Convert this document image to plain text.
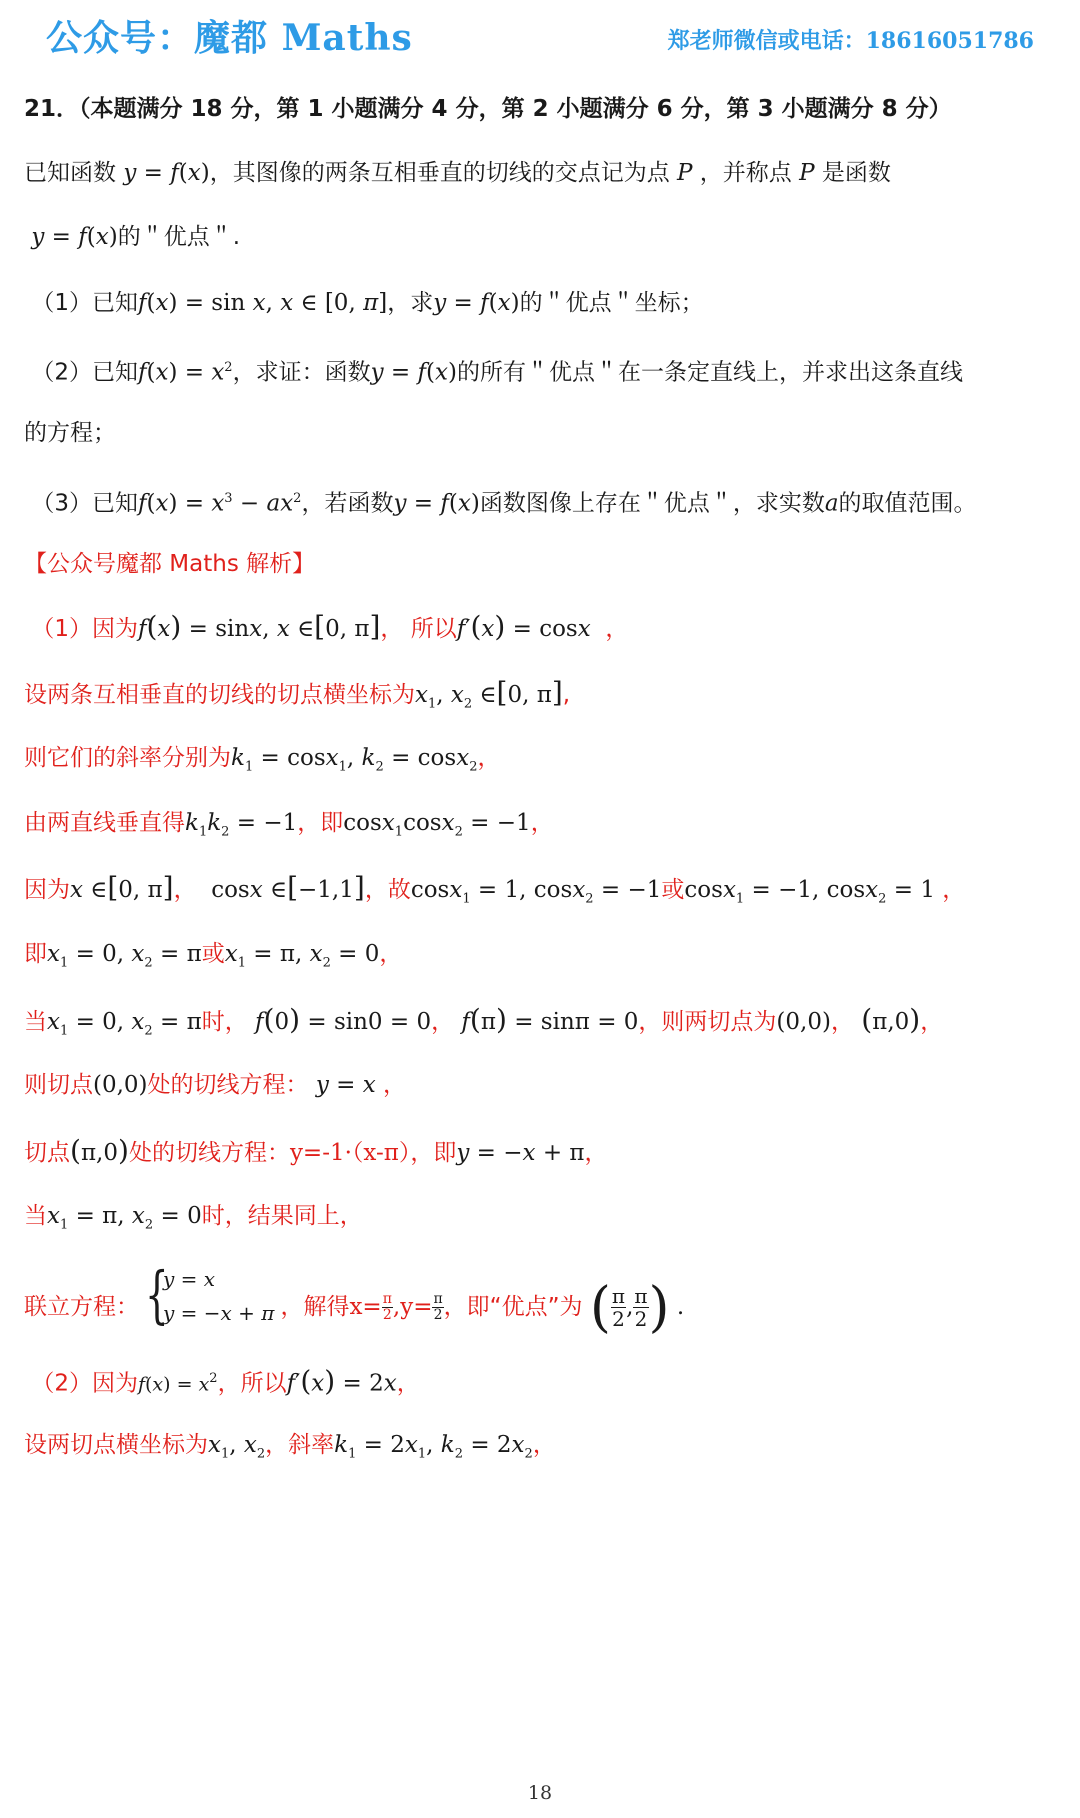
公众号：魔都 Maths	郑老师微信或电话：18616051786
21．（本题满分 18 分，第 1 小题满分 4 分，第 2 小题满分 6 分，第 3 小题满分 8 分）
已知函数 y = f(x)，其图像的两条互相垂直的切线的交点记为点 P ，并称点 P 是函数
y = f(x)的＂优点＂.
（1）已知f(x) = sin x, x ∈ [0, π]，求y = f(x)的＂优点＂坐标；
（2）已知$f(x) = x^2$，求证：函数y = f(x)的所有＂优点＂在一条定直线上，并求出这条直线
的方程；
（3）已知$f(x) = x^3 - ax^2$，若函数y = f(x)函数图像上存在＂优点＂，求实数a的取值范围。
【公众号魔都 Maths 解析】
（1）因为f(x) = sinx, x ∈[0, π]， 所以f′(x) = cosx ，
设两条互相垂直的切线的切点横坐标为$x_1$, $x_2$ ∈[0, π],
则它们的斜率分别为$k_1 = \cos x_1$, $k_2 = \cos x_2$，
由两直线垂直得$k_1k_2 = -1$，即cosx$_1$cosx$_2$ = −1，
因为x ∈[0, π]，  cosx ∈[−1,1]，故cosx$_1$ = 1, cosx$_2$ = −1或cosx$_1$ = −1, cosx$_2$ = 1 ，
即$x_1 = 0$, $x_2 = \pi$或$x_1 = \pi$, $x_2 = 0$，
当$x_1 = 0$, $x_2 = \pi$时， f(0) = sin0 = 0， f(π) = sinπ = 0，则两切点为(0,0)， (π,0)，
则切点(0,0)处的切线方程： y = x ，
切点(π,0)处的切线方程：y=-1·（x-π），即y = −x + π，
当$x_1 = \pi$, $x_2 = 0$时，结果同上，
联立方程： {
y = x
y = −x + π ，解得$x= \frac{\pi}{2} ,y= \frac{\pi}{2}$ ，即“优点”为 ( $\frac{\pi}{2}$ , $\frac{\pi}{2}$ ) .
（2）因为$f(x) = x^2$，所以f′(x) = 2x，
设两切点横坐标为$x_1$, $x_2$，斜率$k_1 = 2x_1$, $k_2 = 2x_2$，
18
